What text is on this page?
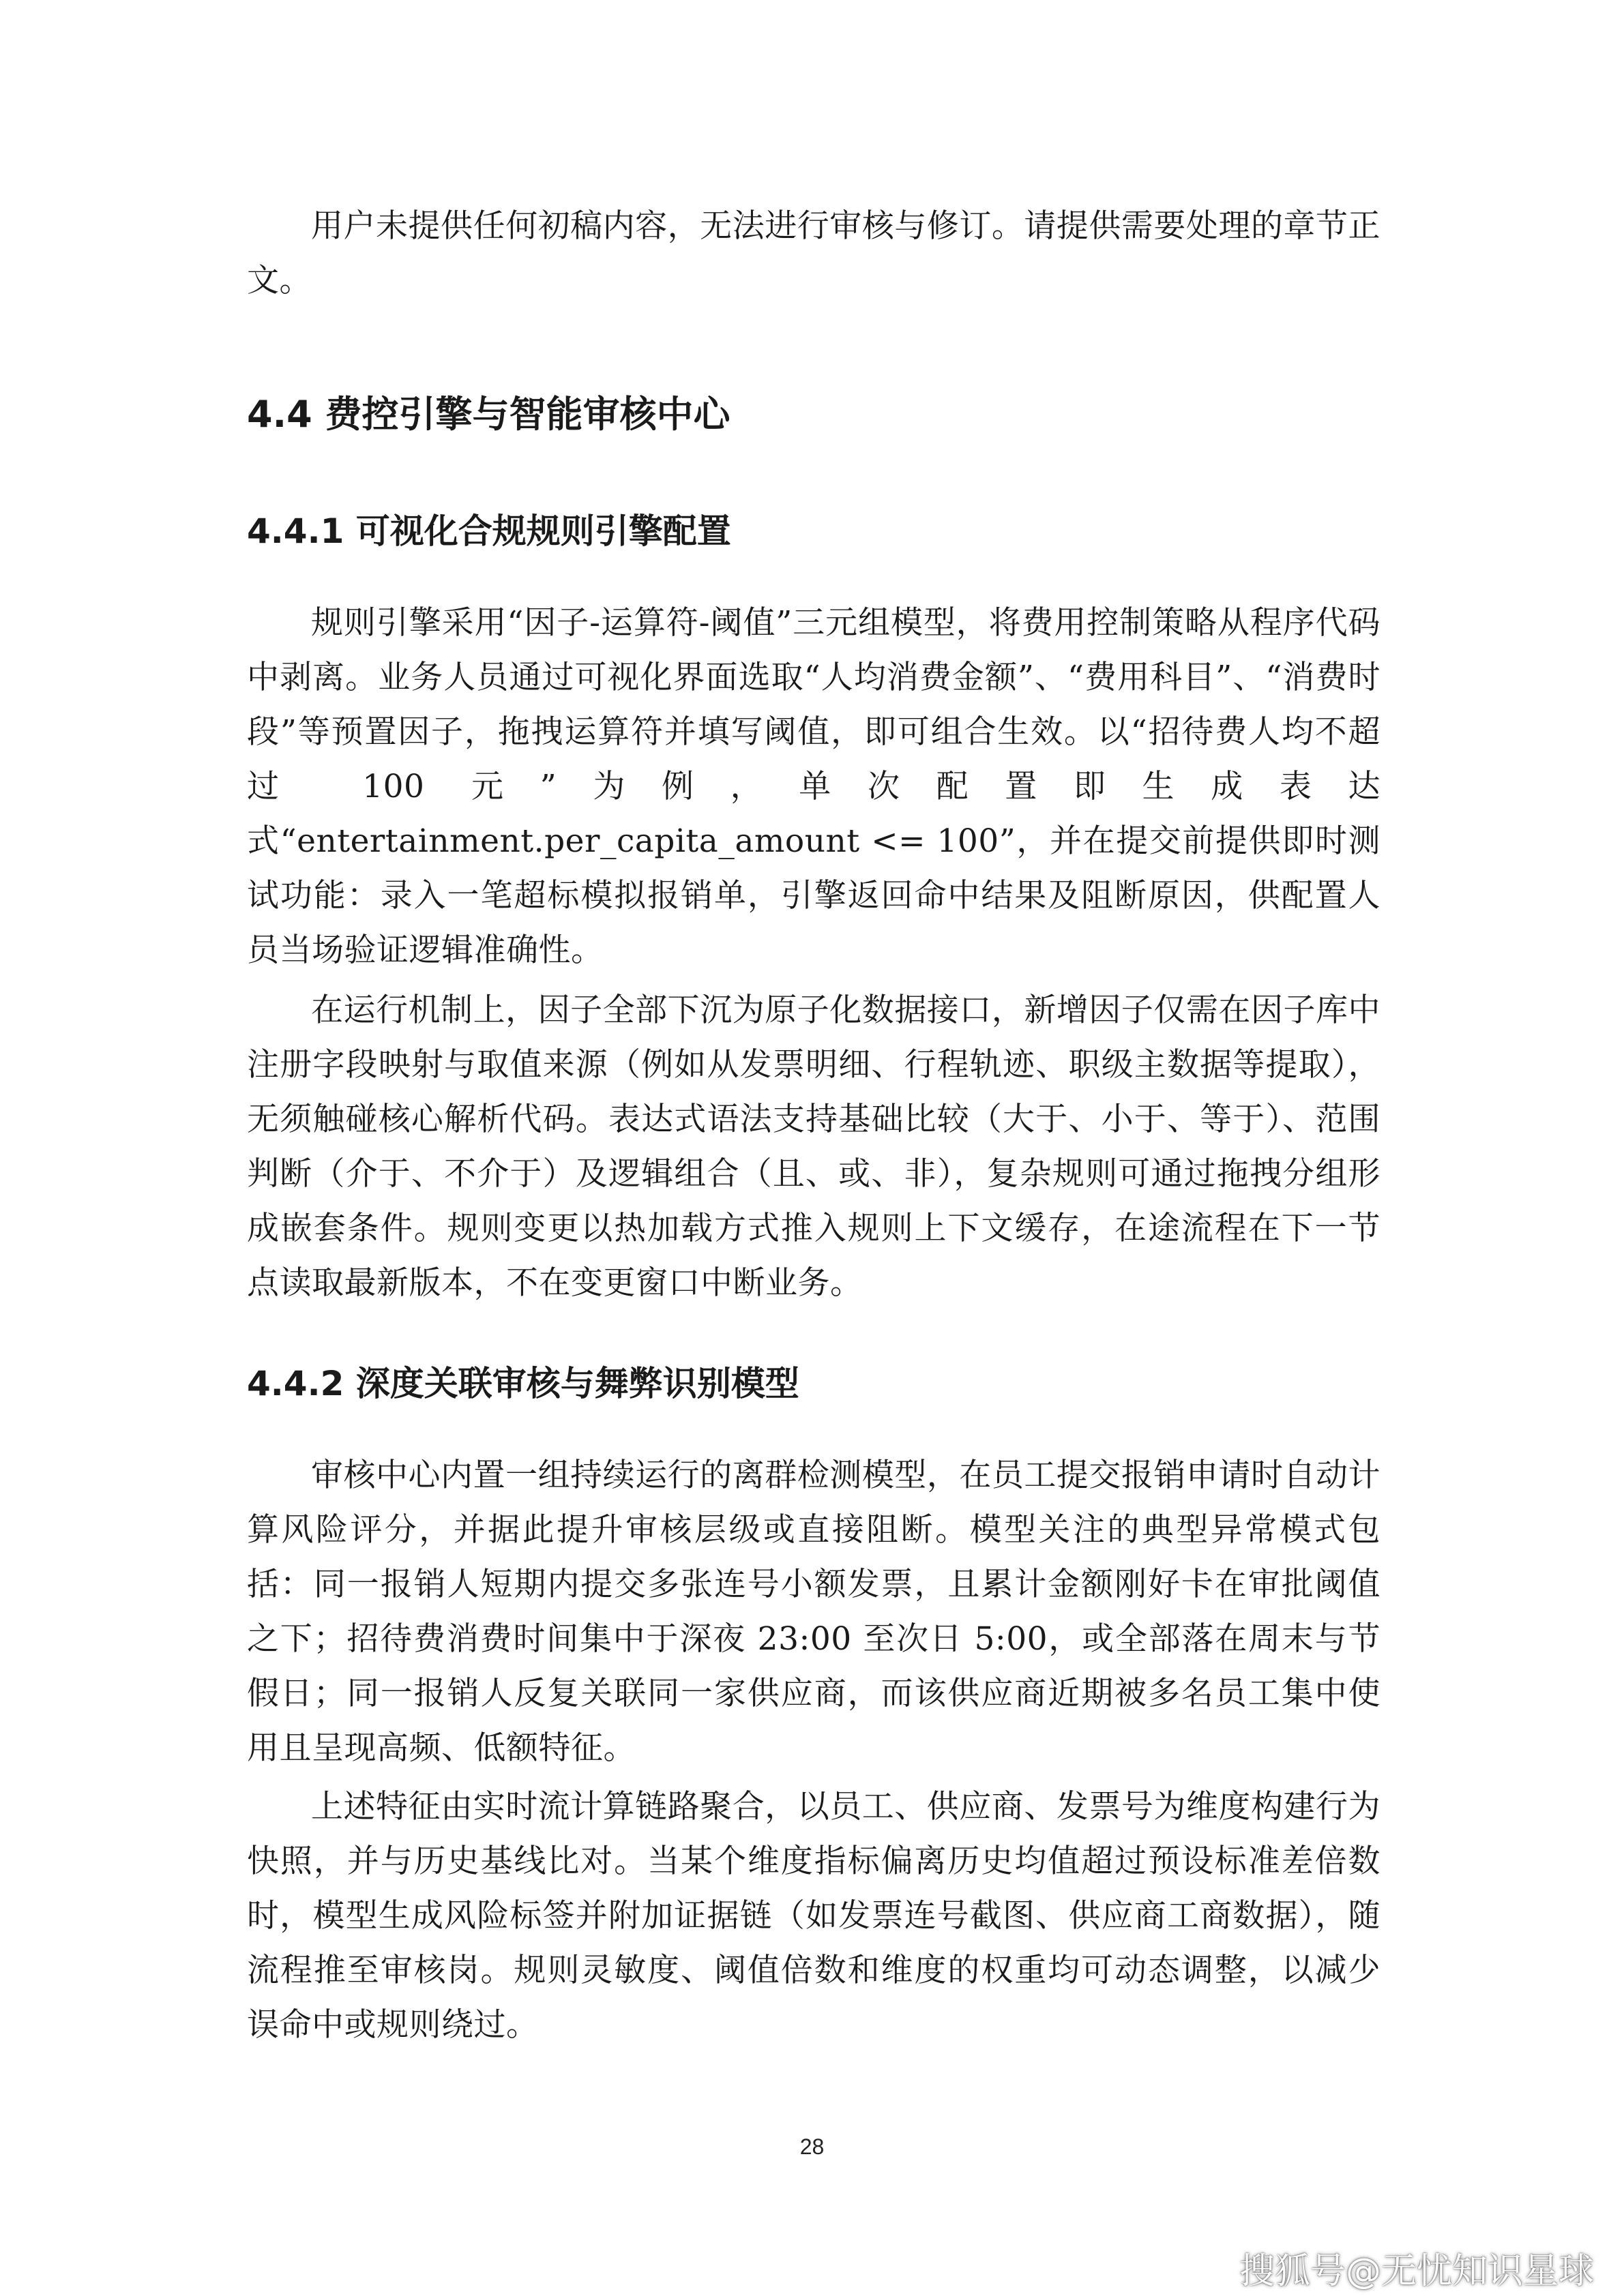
用户未提供任何初稿内容，无法进行审核与修订。请提供需要处理的章节正文。

4.4 费控引擎与智能审核中心
4.4.1 可视化合规规则引擎配置

规则引擎采用“因子-运算符-阈值”三元组模型，将费用控制策略从程序代码中剥离。业务人员通过可视化界面选取“人均消费金额”、“费用科目”、“消费时段”等预置因子，拖拽运算符并填写阈值，即可组合生效。以“招待费人均不超过 100 元”为例，单次配置即生成表达式“entertainment.per_capita_amount <= 100”，并在提交前提供即时测试功能：录入一笔超标模拟报销单，引擎返回命中结果及阻断原因，供配置人员当场验证逻辑准确性。

在运行机制上，因子全部下沉为原子化数据接口，新增因子仅需在因子库中注册字段映射与取值来源（例如从发票明细、行程轨迹、职级主数据等提取），无须触碰核心解析代码。表达式语法支持基础比较（大于、小于、等于）、范围判断（介于、不介于）及逻辑组合（且、或、非），复杂规则可通过拖拽分组形成嵌套条件。规则变更以热加载方式推入规则上下文缓存，在途流程在下一节点读取最新版本，不在变更窗口中断业务。

4.4.2 深度关联审核与舞弊识别模型

审核中心内置一组持续运行的离群检测模型，在员工提交报销申请时自动计算风险评分，并据此提升审核层级或直接阻断。模型关注的典型异常模式包括：同一报销人短期内提交多张连号小额发票，且累计金额刚好卡在审批阈值之下；招待费消费时间集中于深夜 23:00 至次日 5:00，或全部落在周末与节假日；同一报销人反复关联同一家供应商，而该供应商近期被多名员工集中使用且呈现高频、低额特征。

上述特征由实时流计算链路聚合，以员工、供应商、发票号为维度构建行为快照，并与历史基线比对。当某个维度指标偏离历史均值超过预设标准差倍数时，模型生成风险标签并附加证据链（如发票连号截图、供应商工商数据），随流程推至审核岗。规则灵敏度、阈值倍数和维度的权重均可动态调整，以减少误命中或规则绕过。

28
搜狐号@无忧知识星球
